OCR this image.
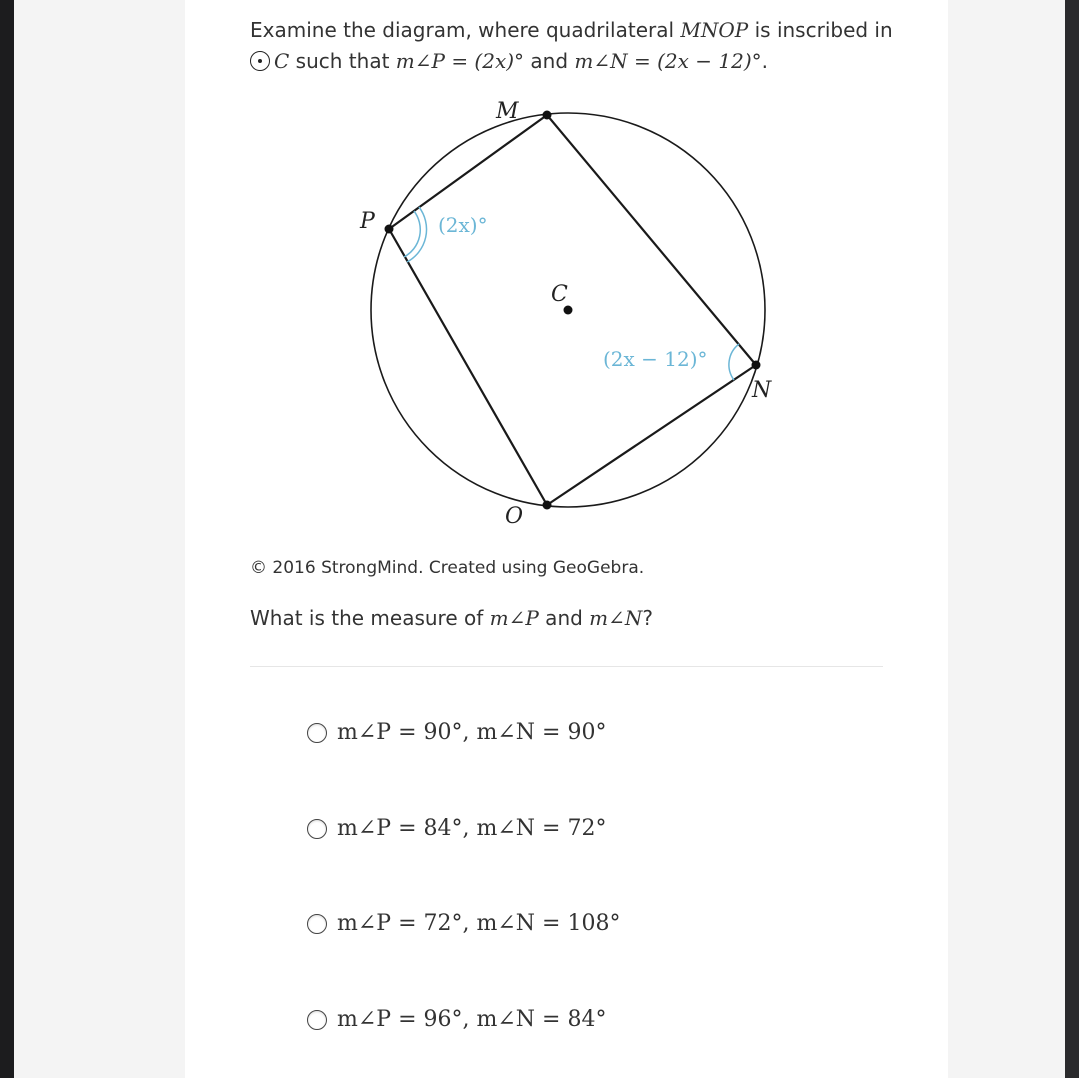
Examine the diagram, where quadrilateral MNOP is inscribed in
C such that m∠P = (2x)° and m∠N = (2x − 12)°.
M
N
O
P
C
(2x)°
(2x − 12)°
© 2016 StrongMind. Created using GeoGebra.
What is the measure of m∠P and m∠N?
m∠P = 90°, m∠N = 90°
m∠P = 84°, m∠N = 72°
m∠P = 72°, m∠N = 108°
m∠P = 96°, m∠N = 84°
